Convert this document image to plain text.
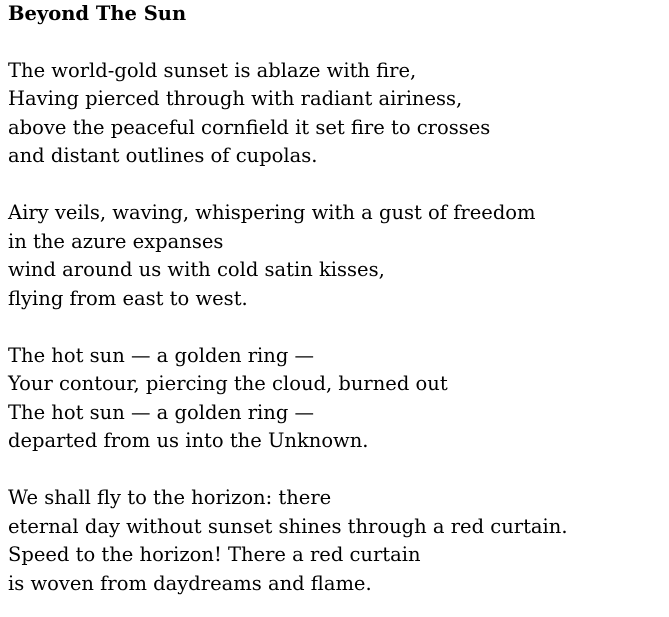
Beyond The Sun
The world-gold sunset is ablaze with fire,
Having pierced through with radiant airiness,
above the peaceful cornfield it set fire to crosses
and distant outlines of cupolas.
Airy veils, waving, whispering with a gust of freedom
in the azure expanses
wind around us with cold satin kisses,
flying from east to west.
The hot sun — a golden ring —
Your contour, piercing the cloud, burned out
The hot sun — a golden ring —
departed from us into the Unknown.
We shall fly to the horizon: there
eternal day without sunset shines through a red curtain.
Speed to the horizon! There a red curtain
is woven from daydreams and flame.
